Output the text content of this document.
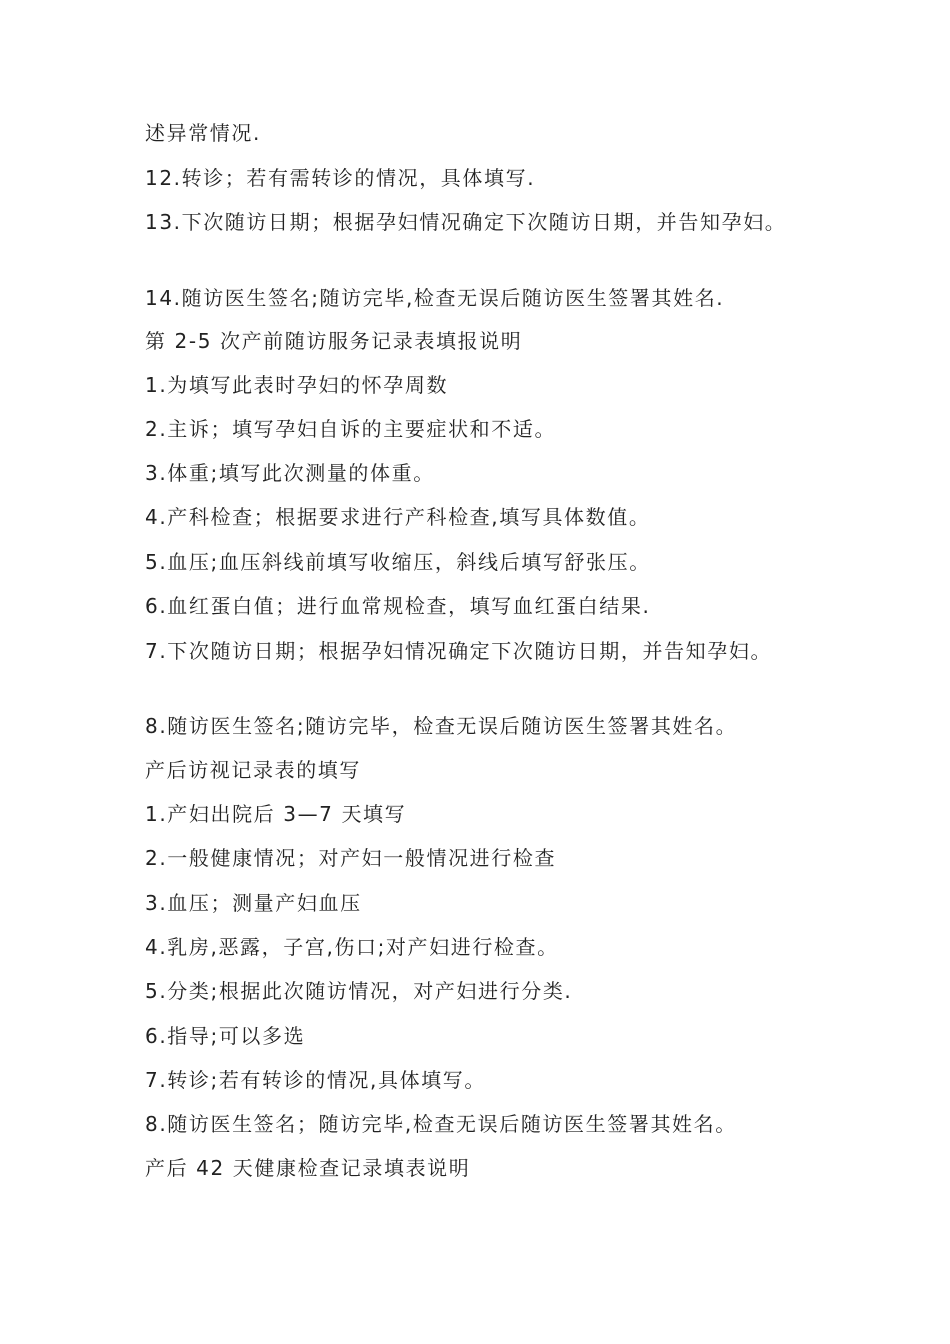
述异常情况.

12.转诊；若有需转诊的情况，具体填写.

13.下次随访日期；根据孕妇情况确定下次随访日期，并告知孕妇。

14.随访医生签名;随访完毕,检查无误后随访医生签署其姓名.

第 2-5 次产前随访服务记录表填报说明

1.为填写此表时孕妇的怀孕周数

2.主诉；填写孕妇自诉的主要症状和不适。

3.体重;填写此次测量的体重。

4.产科检查；根据要求进行产科检查,填写具体数值。

5.血压;血压斜线前填写收缩压，斜线后填写舒张压。

6.血红蛋白值；进行血常规检查，填写血红蛋白结果.

7.下次随访日期；根据孕妇情况确定下次随访日期，并告知孕妇。

8.随访医生签名;随访完毕，检查无误后随访医生签署其姓名。

产后访视记录表的填写

1.产妇出院后 3—7 天填写

2.一般健康情况；对产妇一般情况进行检查

3.血压；测量产妇血压

4.乳房,恶露，子宫,伤口;对产妇进行检查。

5.分类;根据此次随访情况，对产妇进行分类.

6.指导;可以多选

7.转诊;若有转诊的情况,具体填写。

8.随访医生签名；随访完毕,检查无误后随访医生签署其姓名。

产后 42 天健康检查记录填表说明
